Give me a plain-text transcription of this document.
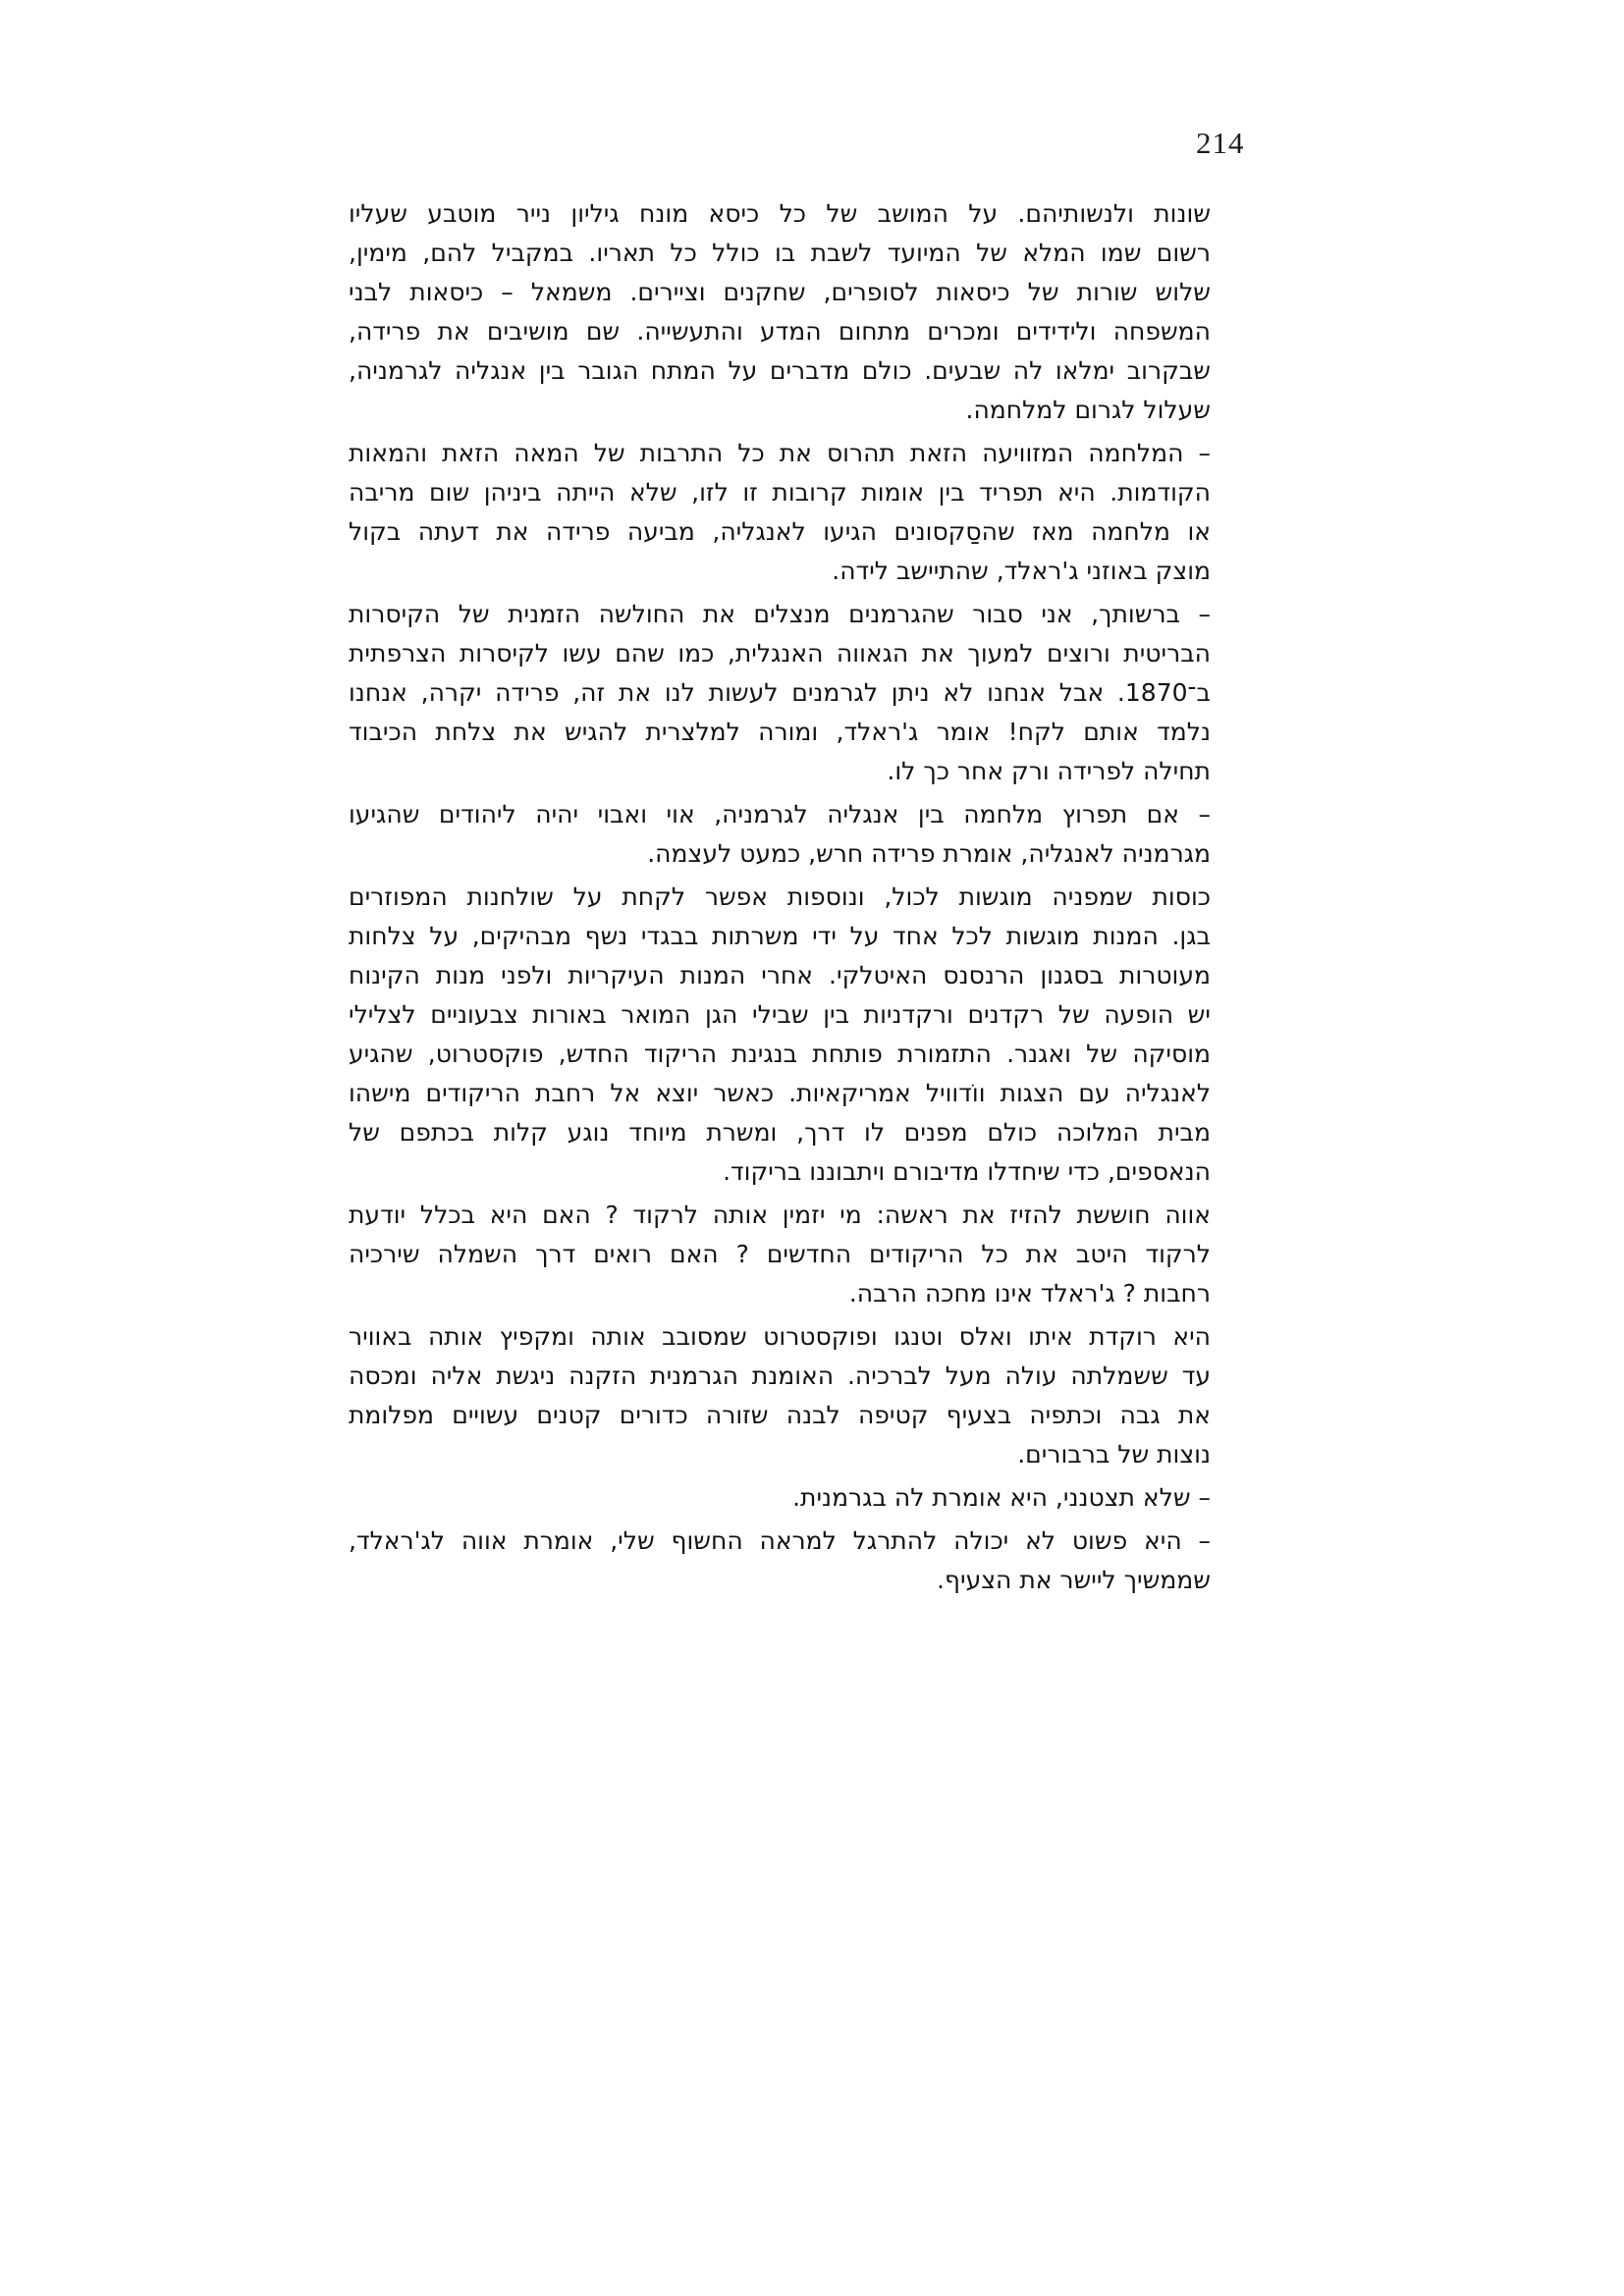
214
שונות ולנשותיהם. על המושב של כל כיסא מונח גיליון נייר מוטבע שעליו
רשום שמו המלא של המיועד לשבת בו כולל כל תאריו. במקביל להם, מימין,
שלוש שורות של כיסאות לסופרים, שחקנים וציירים. משמאל – כיסאות לבני
המשפחה ולידידים ומכרים מתחום המדע והתעשייה. שם מושיבים את פרידה,
שבקרוב ימלאו לה שבעים. כולם מדברים על המתח הגובר בין אנגליה לגרמניה,
שעלול לגרום למלחמה.
– המלחמה המזוויעה הזאת תהרוס את כל התרבות של המאה הזאת והמאות
הקודמות. היא תפריד בין אומות קרובות זו לזו, שלא הייתה ביניהן שום מריבה
או מלחמה מאז שהסַקסונים הגיעו לאנגליה, מביעה פרידה את דעתה בקול
מוצק באוזני ג'ראלד, שהתיישב לידה.
– ברשותך, אני סבור שהגרמנים מנצלים את החולשה הזמנית של הקיסרות
הבריטית ורוצים למעוך את הגאווה האנגלית, כמו שהם עשו לקיסרות הצרפתית
ב־1870. אבל אנחנו לא ניתן לגרמנים לעשות לנו את זה, פרידה יקרה, אנחנו
נלמד אותם לקח! אומר ג'ראלד, ומורה למלצרית להגיש את צלחת הכיבוד
תחילה לפרידה ורק אחר כך לו.
– אם תפרוץ מלחמה בין אנגליה לגרמניה, אוי ואבוי יהיה ליהודים שהגיעו
מגרמניה לאנגליה, אומרת פרידה חרש, כמעט לעצמה.
כוסות שמפניה מוגשות לכול, ונוספות אפשר לקחת על שולחנות המפוזרים
בגן. המנות מוגשות לכל אחד על ידי משרתות בבגדי נשף מבהיקים, על צלחות
מעוטרות בסגנון הרנסנס האיטלקי. אחרי המנות העיקריות ולפני מנות הקינוח
יש הופעה של רקדנים ורקדניות בין שבילי הגן המואר באורות צבעוניים לצלילי
מוסיקה של ואגנר. התזמורת פותחת בנגינת הריקוד החדש, פוקסטרוט, שהגיע
לאנגליה עם הצגות ווֹדוויל אמריקאיות. כאשר יוצא אל רחבת הריקודים מישהו
מבית המלוכה כולם מפנים לו דרך, ומשרת מיוחד נוגע קלות בכתפם של
הנאספים, כדי שיחדלו מדיבורם ויתבוננו בריקוד.
אווה חוששת להזיז את ראשה: מי יזמין אותה לרקוד ? האם היא בכלל יודעת
לרקוד היטב את כל הריקודים החדשים ? האם רואים דרך השמלה שירכיה
רחבות ? ג'ראלד אינו מחכה הרבה.
היא רוקדת איתו ואלס וטנגו ופוקסטרוט שמסובב אותה ומקפיץ אותה באוויר
עד ששמלתה עולה מעל לברכיה. האומנת הגרמנית הזקנה ניגשת אליה ומכסה
את גבה וכתפיה בצעיף קטיפה לבנה שזורה כדורים קטנים עשויים מפלומת
נוצות של ברבורים.
– שלא תצטנני, היא אומרת לה בגרמנית.
– היא פשוט לא יכולה להתרגל למראה החשוף שלי, אומרת אווה לג'ראלד,
שממשיך ליישר את הצעיף.
